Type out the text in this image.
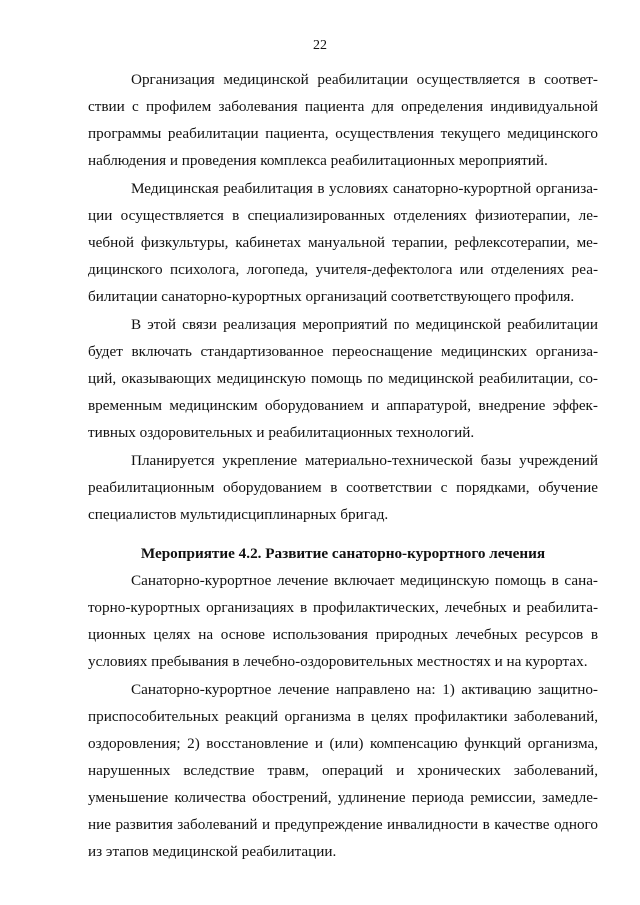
22
Организация медицинской реабилитации осуществляется в соответ-
ствии с профилем заболевания пациента для определения индивидуальной
программы реабилитации пациента, осуществления текущего медицинского
наблюдения и проведения комплекса реабилитационных мероприятий.
Медицинская реабилитация в условиях санаторно-курортной организа-
ции осуществляется в специализированных отделениях физиотерапии, ле-
чебной физкультуры, кабинетах мануальной терапии, рефлексотерапии, ме-
дицинского психолога, логопеда, учителя-дефектолога или отделениях реа-
билитации санаторно-курортных организаций соответствующего профиля.
В этой связи реализация мероприятий по медицинской реабилитации
будет включать стандартизованное переоснащение медицинских организа-
ций, оказывающих медицинскую помощь по медицинской реабилитации, со-
временным медицинским оборудованием и аппаратурой, внедрение эффек-
тивных оздоровительных и реабилитационных технологий.
Планируется укрепление материально-технической базы учреждений
реабилитационным оборудованием в соответствии с порядками, обучение
специалистов мультидисциплинарных бригад.
Мероприятие 4.2. Развитие санаторно-курортного лечения
Санаторно-курортное лечение включает медицинскую помощь в сана-
торно-курортных организациях в профилактических, лечебных и реабилита-
ционных целях на основе использования природных лечебных ресурсов в
условиях пребывания в лечебно-оздоровительных местностях и на курортах.
Санаторно-курортное лечение направлено на: 1) активацию защитно-
приспособительных реакций организма в целях профилактики заболеваний,
оздоровления; 2) восстановление и (или) компенсацию функций организма,
нарушенных вследствие травм, операций и хронических заболеваний,
уменьшение количества обострений, удлинение периода ремиссии, замедле-
ние развития заболеваний и предупреждение инвалидности в качестве одного
из этапов медицинской реабилитации.
